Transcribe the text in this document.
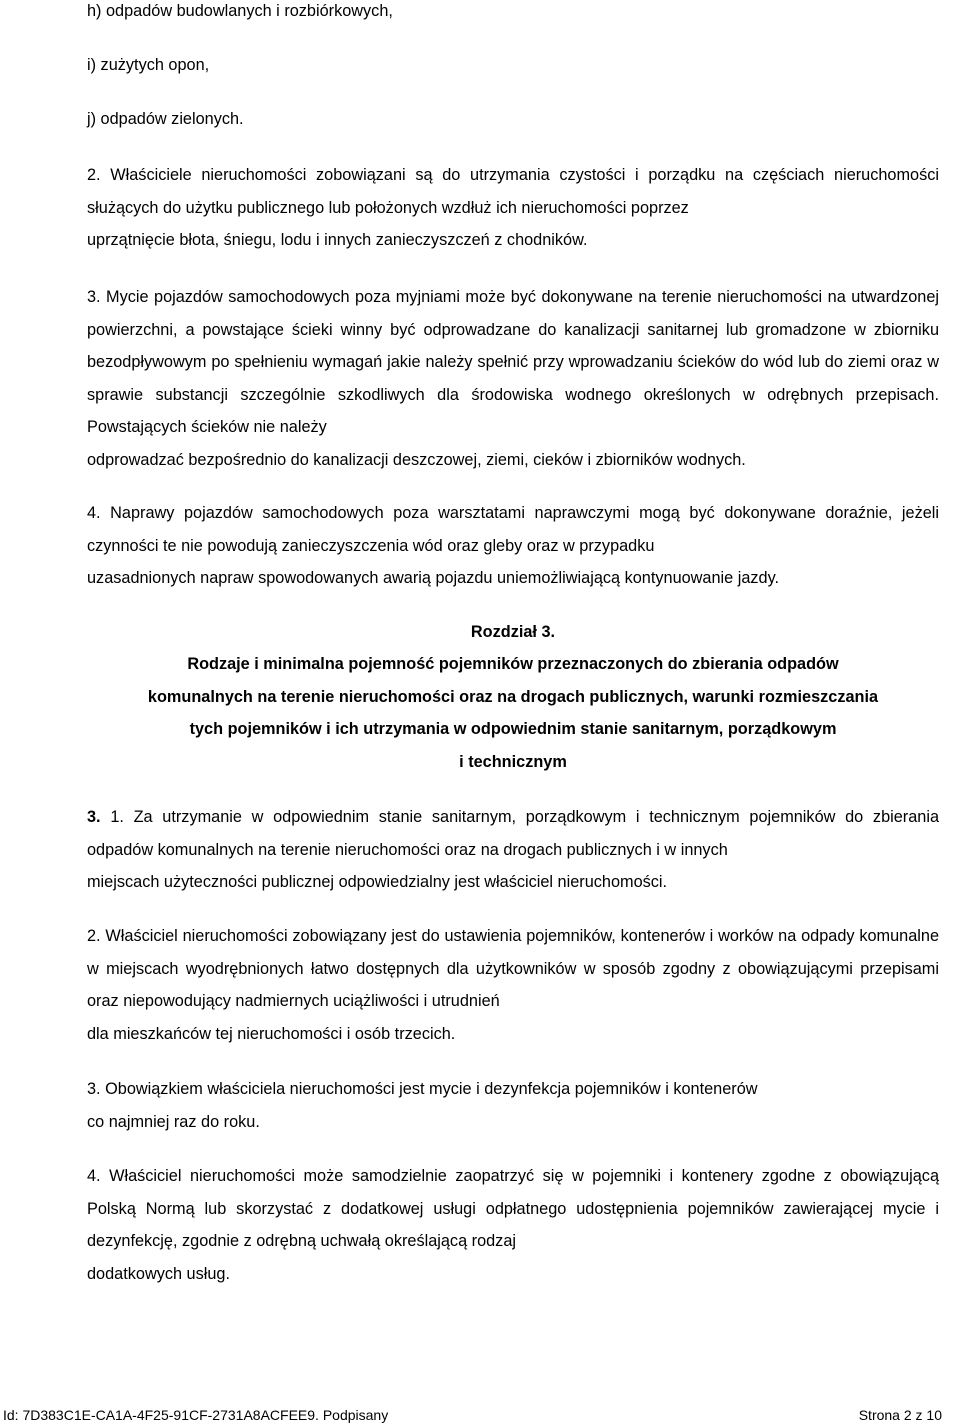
h) odpadów budowlanych i rozbiórkowych,
i) zużytych opon,
j) odpadów zielonych.
2. Właściciele nieruchomości zobowiązani są do utrzymania czystości i porządku na częściach nieruchomości służących do użytku publicznego lub położonych wzdłuż ich nieruchomości poprzez
uprzątnięcie błota, śniegu, lodu i innych zanieczyszczeń z chodników.
3. Mycie pojazdów samochodowych poza myjniami może być dokonywane na terenie nieruchomości na utwardzonej powierzchni, a powstające ścieki winny być odprowadzane do kanalizacji sanitarnej lub gromadzone w zbiorniku bezodpływowym po spełnieniu wymagań jakie należy spełnić przy wprowadzaniu ścieków do wód lub do ziemi oraz w sprawie substancji szczególnie szkodliwych dla środowiska wodnego określonych w odrębnych przepisach. Powstających ścieków nie należy
odprowadzać bezpośrednio do kanalizacji deszczowej, ziemi, cieków i zbiorników wodnych.
4. Naprawy pojazdów samochodowych poza warsztatami naprawczymi mogą być dokonywane doraźnie, jeżeli czynności te nie powodują zanieczyszczenia wód oraz gleby oraz w przypadku
uzasadnionych napraw spowodowanych awarią pojazdu uniemożliwiającą kontynuowanie jazdy.
Rozdział 3.
Rodzaje i minimalna pojemność pojemników przeznaczonych do zbierania odpadów
komunalnych na terenie nieruchomości oraz na drogach publicznych, warunki rozmieszczania
tych pojemników i ich utrzymania w odpowiednim stanie sanitarnym, porządkowym
i technicznym
3. 1. Za utrzymanie w odpowiednim stanie sanitarnym, porządkowym i technicznym pojemników do zbierania odpadów komunalnych na terenie nieruchomości oraz na drogach publicznych i w innych
miejscach użyteczności publicznej odpowiedzialny jest właściciel nieruchomości.
2. Właściciel nieruchomości zobowiązany jest do ustawienia pojemników, kontenerów i worków na odpady komunalne w miejscach wyodrębnionych łatwo dostępnych dla użytkowników w sposób zgodny z obowiązującymi przepisami oraz niepowodujący nadmiernych uciążliwości i utrudnień
dla mieszkańców tej nieruchomości i osób trzecich.
3. Obowiązkiem właściciela nieruchomości jest mycie i dezynfekcja pojemników i kontenerów
co najmniej raz do roku.
4. Właściciel nieruchomości może samodzielnie zaopatrzyć się w pojemniki i kontenery zgodne z obowiązującą Polską Normą lub skorzystać z dodatkowej usługi odpłatnego udostępnienia pojemników zawierającej mycie i dezynfekcję, zgodnie z odrębną uchwałą określającą rodzaj
dodatkowych usług.
Id: 7D383C1E-CA1A-4F25-91CF-2731A8ACFEE9. Podpisany	Strona 2 z 10
